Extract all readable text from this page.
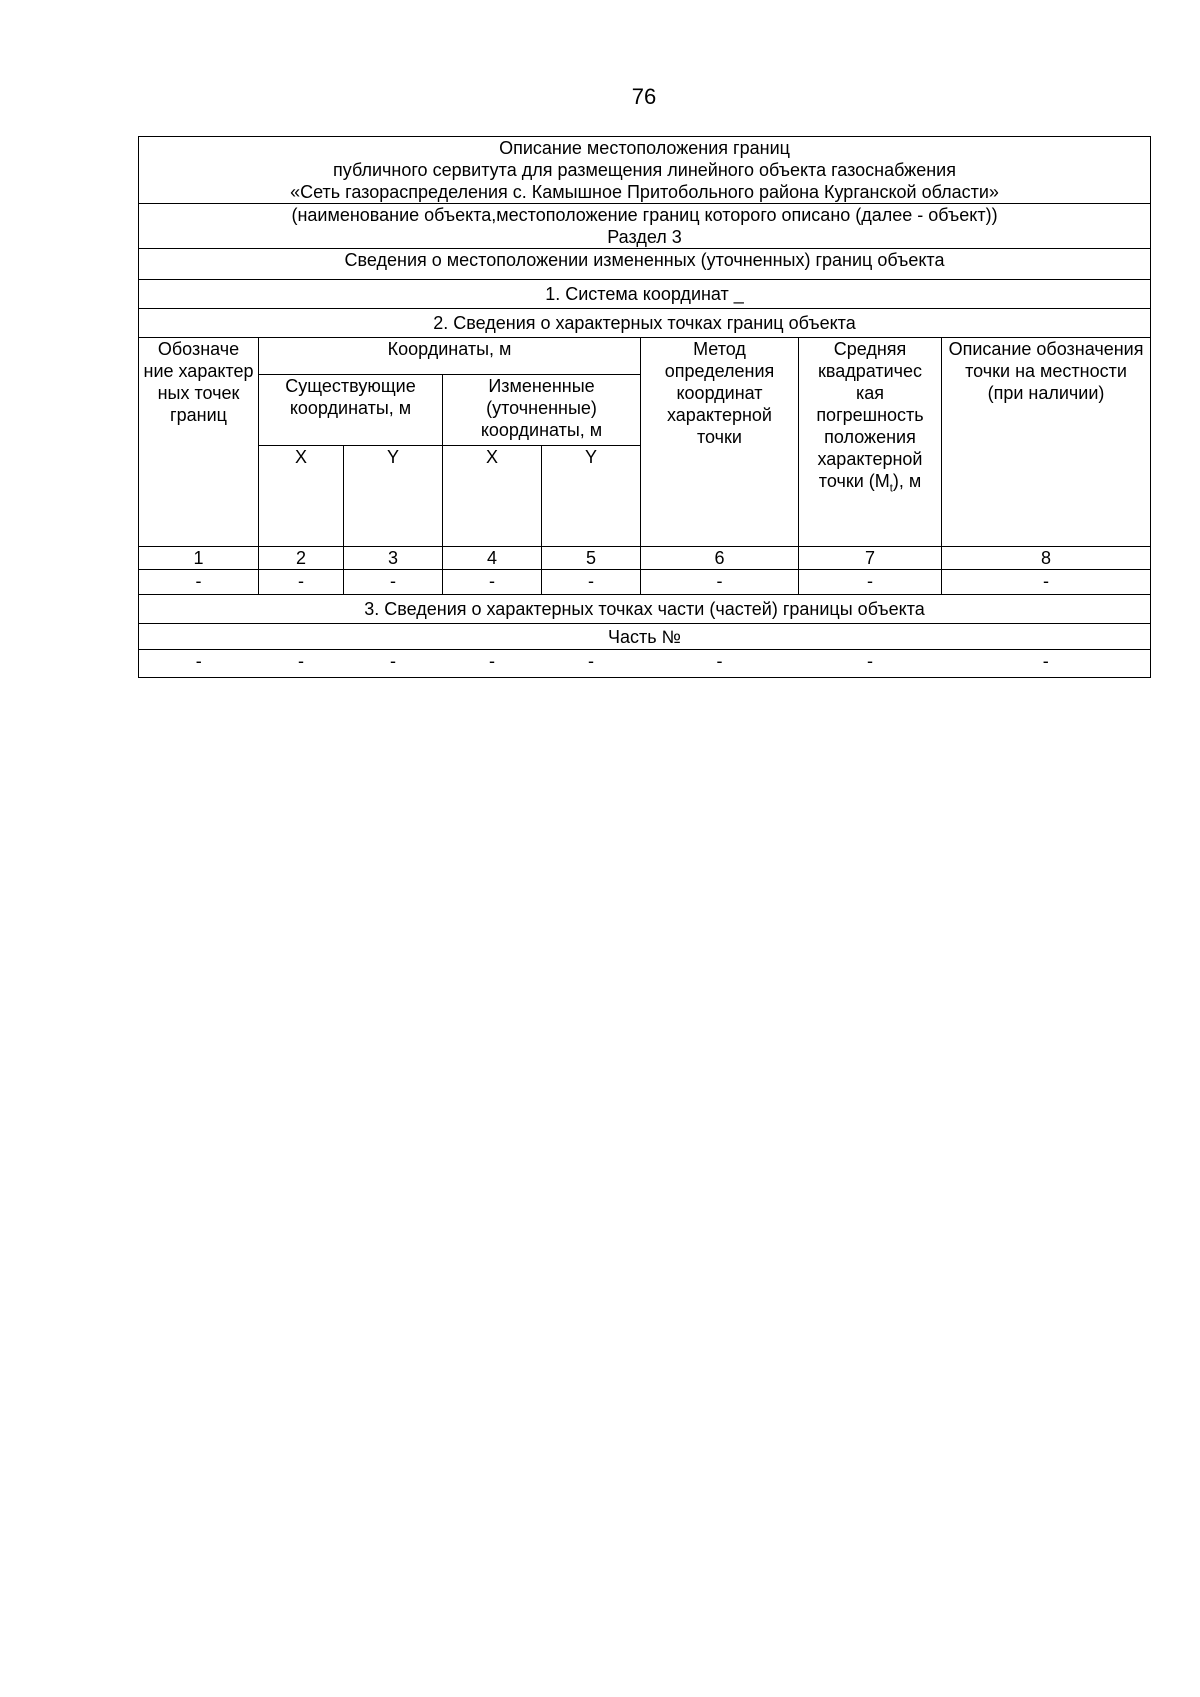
76
Описание местоположения границ
публичного сервитута для размещения линейного объекта газоснабжения
«Сеть газораспределения с. Камышное Притобольного района Курганской области»							

(наименование объекта,местоположение границ которого описано (далее - объект))
Раздел 3							

Сведения о местоположении измененных (уточненных) границ объекта							
1. Система координат _							
2. Сведения о характерных точках границ объекта							
Обозначе ние характер ных точек границ	Координаты, м				Метод определения координат характерной точки	Средняя квадратичес кая погрешность положения характерной точки $(М_t)$, м	Описание обозначения точки на местности (при наличии)
	Существующие координаты, м		Измененные (уточненные) координаты, м				
	X	Y	X	Y			
1	2	3	4	5	6	7	8
-	-	-	-	-	-	-	-
3. Сведения о характерных точках части (частей) границы объекта							
Часть №							
-	-	-	-	-	-	-	-
